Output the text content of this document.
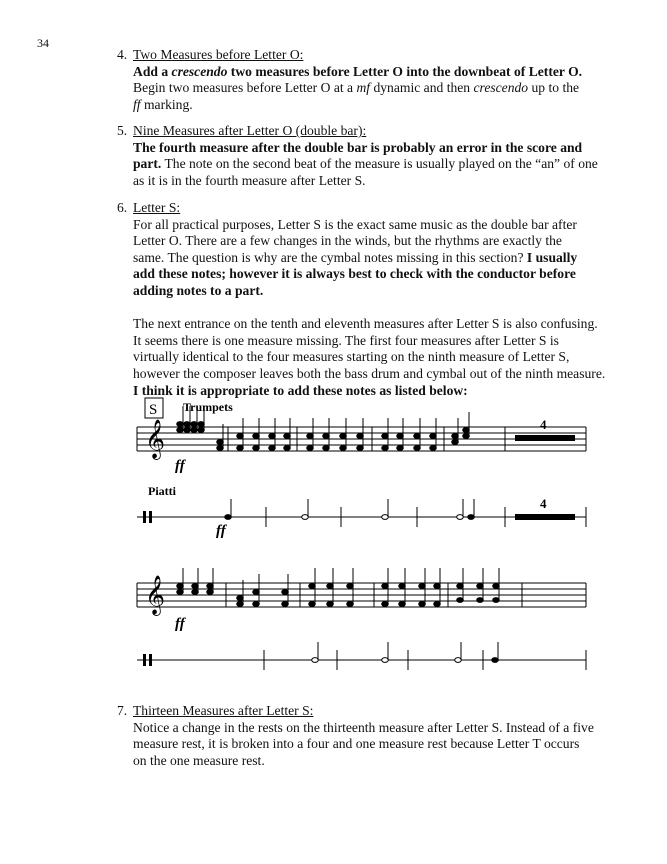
34
4. Two Measures before Letter O:
Add a crescendo two measures before Letter O into the downbeat of Letter O.
Begin two measures before Letter O at a mf dynamic and then crescendo up to the
ff marking.
5. Nine Measures after Letter O (double bar):
The fourth measure after the double bar is probably an error in the score and
part. The note on the second beat of the measure is usually played on the “an” of one
as it is in the fourth measure after Letter S.
6. Letter S:
For all practical purposes, Letter S is the exact same music as the double bar after
Letter O. There are a few changes in the winds, but the rhythms are exactly the
same. The question is why are the cymbal notes missing in this section? I usually
add these notes; however it is always best to check with the conductor before
adding notes to a part.

The next entrance on the tenth and eleventh measures after Letter S is also confusing.
It seems there is one measure missing. The first four measures after Letter S is
virtually identical to the four measures starting on the ninth measure of Letter S,
however the composer leaves both the bass drum and cymbal out of the ninth measure.
I think it is appropriate to add these notes as listed below:
7. Thirteen Measures after Letter S:
Notice a change in the rests on the thirteenth measure after Letter S. Instead of a five
measure rest, it is broken into a four and one measure rest because Letter T occurs
on the one measure rest.
𝄞
𝄞
S Trumpets
Piatti
ff
ff
ff
4
4
